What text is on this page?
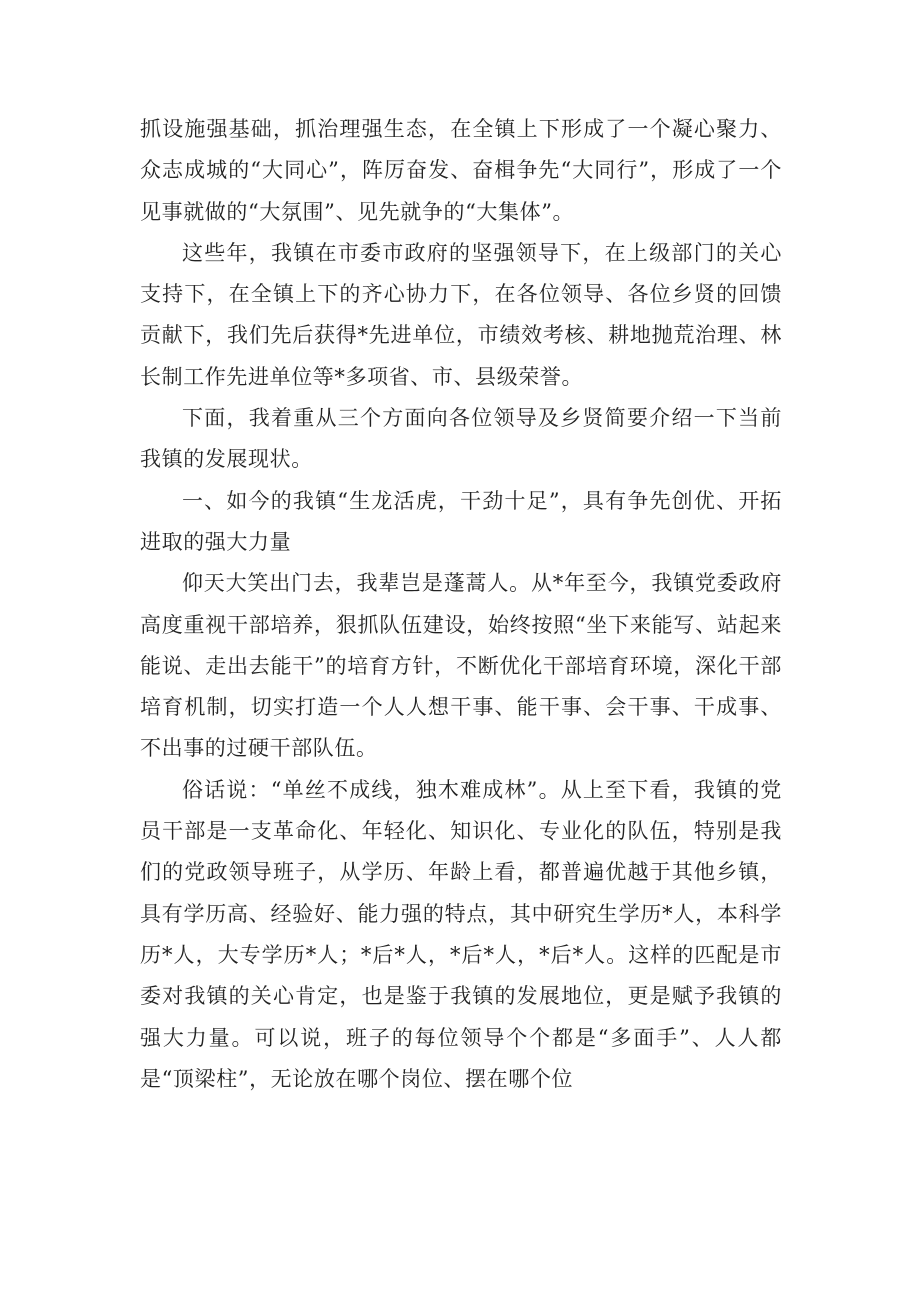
抓设施强基础，抓治理强生态，在全镇上下形成了一个凝心聚力、众志成城的“大同心”，阵厉奋发、奋楫争先“大同行”，形成了一个见事就做的“大氛围”、见先就争的“大集体”。

这些年，我镇在市委市政府的坚强领导下，在上级部门的关心支持下，在全镇上下的齐心协力下，在各位领导、各位乡贤的回馈贡献下，我们先后获得*先进单位，市绩效考核、耕地抛荒治理、林长制工作先进单位等*多项省、市、县级荣誉。

下面，我着重从三个方面向各位领导及乡贤简要介绍一下当前我镇的发展现状。

一、如今的我镇“生龙活虎，干劲十足”，具有争先创优、开拓进取的强大力量

仰天大笑出门去，我辈岂是蓬蒿人。从*年至今，我镇党委政府高度重视干部培养，狠抓队伍建设，始终按照“坐下来能写、站起来能说、走出去能干”的培育方针，不断优化干部培育环境，深化干部培育机制，切实打造一个人人想干事、能干事、会干事、干成事、不出事的过硬干部队伍。

俗话说：“单丝不成线，独木难成林”。从上至下看，我镇的党员干部是一支革命化、年轻化、知识化、专业化的队伍，特别是我们的党政领导班子，从学历、年龄上看，都普遍优越于其他乡镇，具有学历高、经验好、能力强的特点，其中研究生学历*人，本科学历*人，大专学历*人；*后*人，*后*人，*后*人。这样的匹配是市委对我镇的关心肯定，也是鉴于我镇的发展地位，更是赋予我镇的强大力量。可以说，班子的每位领导个个都是“多面手”、人人都是“顶梁柱”，无论放在哪个岗位、摆在哪个位
